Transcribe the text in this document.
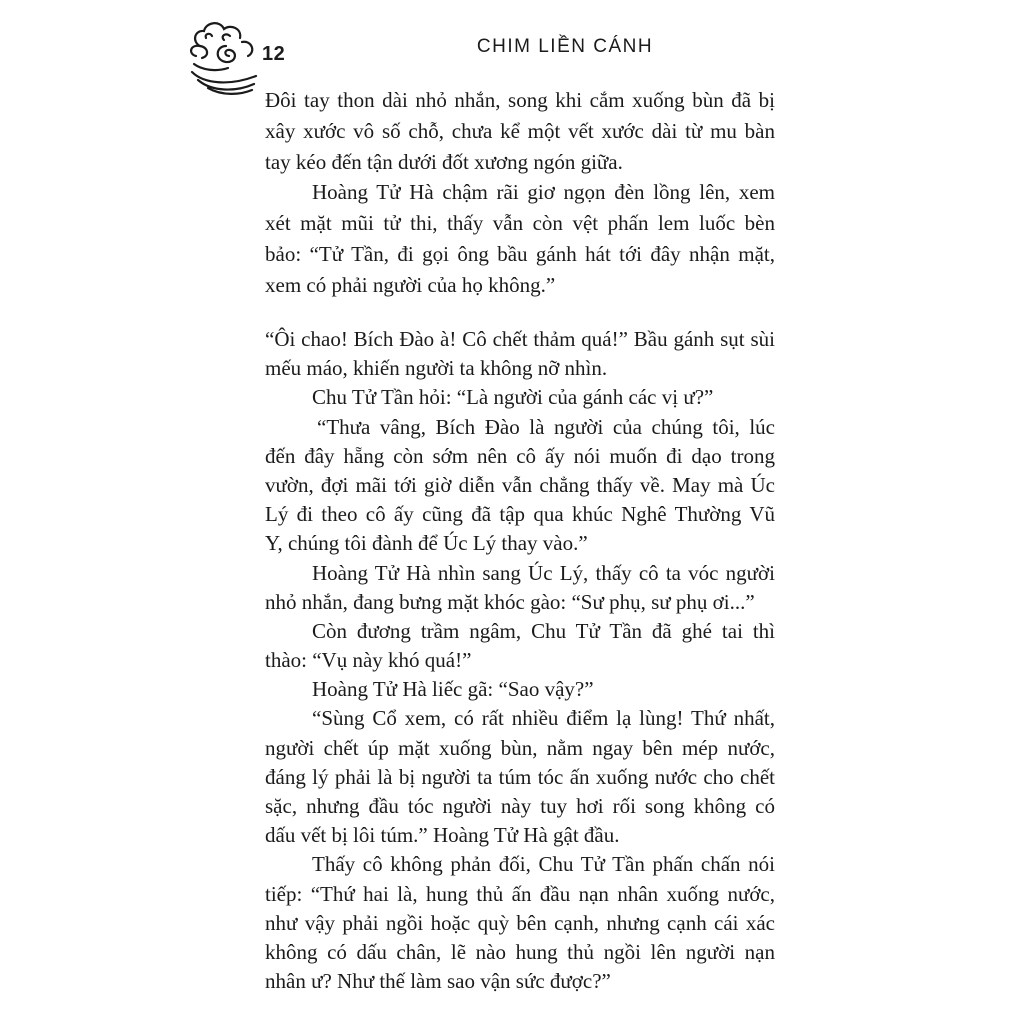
12	CHIM LIỀN CÁNH
Đôi tay thon dài nhỏ nhắn, song khi cắm xuống bùn đã bị
xây xước vô số chỗ, chưa kể một vết xước dài từ mu bàn
tay kéo đến tận dưới đốt xương ngón giữa.
Hoàng Tử Hà chậm rãi giơ ngọn đèn lồng lên, xem
xét mặt mũi tử thi, thấy vẫn còn vệt phấn lem luốc bèn
bảo: “Tử Tần, đi gọi ông bầu gánh hát tới đây nhận mặt,
xem có phải người của họ không.”
“Ôi chao! Bích Đào à! Cô chết thảm quá!” Bầu gánh sụt sùi
mếu máo, khiến người ta không nỡ nhìn.
Chu Tử Tần hỏi: “Là người của gánh các vị ư?”
“Thưa vâng, Bích Đào là người của chúng tôi, lúc
đến đây hẵng còn sớm nên cô ấy nói muốn đi dạo trong
vườn, đợi mãi tới giờ diễn vẫn chẳng thấy về. May mà Úc
Lý đi theo cô ấy cũng đã tập qua khúc Nghê Thường Vũ
Y, chúng tôi đành để Úc Lý thay vào.”
Hoàng Tử Hà nhìn sang Úc Lý, thấy cô ta vóc người
nhỏ nhắn, đang bưng mặt khóc gào: “Sư phụ, sư phụ ơi...”
Còn đương trầm ngâm, Chu Tử Tần đã ghé tai thì
thào: “Vụ này khó quá!”
Hoàng Tử Hà liếc gã: “Sao vậy?”
“Sùng Cổ xem, có rất nhiều điểm lạ lùng! Thứ nhất,
người chết úp mặt xuống bùn, nằm ngay bên mép nước,
đáng lý phải là bị người ta túm tóc ấn xuống nước cho chết
sặc, nhưng đầu tóc người này tuy hơi rối song không có
dấu vết bị lôi túm.” Hoàng Tử Hà gật đầu.
Thấy cô không phản đối, Chu Tử Tần phấn chấn nói
tiếp: “Thứ hai là, hung thủ ấn đầu nạn nhân xuống nước,
như vậy phải ngồi hoặc quỳ bên cạnh, nhưng cạnh cái xác
không có dấu chân, lẽ nào hung thủ ngồi lên người nạn
nhân ư? Như thế làm sao vận sức được?”
